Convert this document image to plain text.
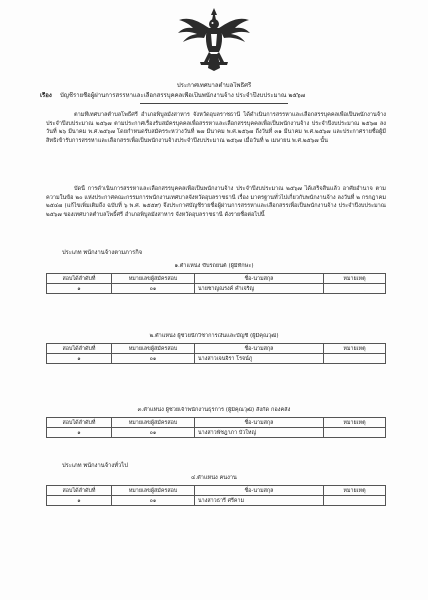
ประกาศเทศบาลตำบลโพธิ์ศรี
เรื่อง	บัญชีรายชื่อผู้ผ่านการสรรหาและเลือกสรรบุคคลเพื่อเป็นพนักงานจ้าง ประจำปีงบประมาณ ๒๕๖๗
ตามที่เทศบาลตำบลโพธิ์ศรี อำเภอพิบูลมังสาหาร จังหวัดอุบลราชธานี ได้ดำเนินการสรรหาและเลือกสรรบุคคลเพื่อเป็นพนักงานจ้าง ประจำปีงบประมาณ ๒๕๖๗ ตามประกาศเรื่องรับสมัครบุคคลเพื่อสรรหาและเลือกสรรบุคคลเพื่อเป็นพนักงานจ้าง ประจำปีงบประมาณ ๒๕๖๗ ลงวันที่ ๒๖ มีนาคม พ.ศ.๒๕๖๗ โดยกำหนดรับสมัครระหว่างวันที่ ๒๗ มีนาคม พ.ศ.๒๕๖๗ ถึงวันที่ ๓๑ มีนาคม พ.ศ.๒๕๖๗ และประกาศรายชื่อผู้มีสิทธิเข้ารับการสรรหาและเลือกสรรเพื่อเป็นพนักงานจ้างประจำปีงบประมาณ ๒๕๖๗ เมื่อวันที่ ๒ เมษายน พ.ศ.๒๕๖๗ นั้น
บัดนี้ การดำเนินการสรรหาและเลือกสรรบุคคลเพื่อเป็นพนักงานจ้าง ประจำปีงบประมาณ ๒๕๖๗ ได้เสร็จสิ้นแล้ว อาศัยอำนาจ ตามความในข้อ ๒๐ แห่งประกาศคณะกรรมการพนักงานเทศบาลจังหวัดอุบลราชธานี เรื่อง มาตรฐานทั่วไปเกี่ยวกับพนักงานจ้าง ลงวันที่ ๒ กรกฎาคม ๒๕๔๗ (แก้ไขเพิ่มเติมถึง ฉบับที่ ๖ พ.ศ. ๒๕๕๙) จึงประกาศบัญชีรายชื่อผู้ผ่านการสรรหาและเลือกสรรเพื่อเป็นพนักงานจ้าง ประจำปีงบประมาณ ๒๕๖๗ ของเทศบาลตำบลโพธิ์ศรี อำเภอพิบูลมังสาหาร จังหวัดอุบลราชธานี ดังรายชื่อต่อไปนี้
ประเภท พนักงานจ้างตามภารกิจ
๑.ตำแหน่ง ขับรถยนต์ (ผู้มีทักษะ)
สอบได้ลำดับที่	หมายเลขผู้สมัครสอบ	ชื่อ-นามสกุล	หมายเหตุ
๑	๐๑	นายชาญณรงค์ คำเจริญ	
๒.ตำแหน่ง ผู้ช่วยนักวิชาการเงินและบัญชี (ผู้มีคุณวุฒิ)
สอบได้ลำดับที่	หมายเลขผู้สมัครสอบ	ชื่อ-นามสกุล	หมายเหตุ
๑	๐๑	นางสาวเจนจิรา โรจน์ภู	
๓.ตำแหน่ง ผู้ช่วยเจ้าพนักงานธุรการ (ผู้มีคุณวุฒิ) สังกัด กองคลัง
สอบได้ลำดับที่	หมายเลขผู้สมัครสอบ	ชื่อ-นามสกุล	หมายเหตุ
๑	๐๑	นางสาวพัชฎาภา บัวใหญ่	
ประเภท พนักงานจ้างทั่วไป
๔.ตำแหน่ง คนงาน
สอบได้ลำดับที่	หมายเลขผู้สมัครสอบ	ชื่อ-นามสกุล	หมายเหตุ
๑	๐๑	นางสาวธารี ศรีคาม	
